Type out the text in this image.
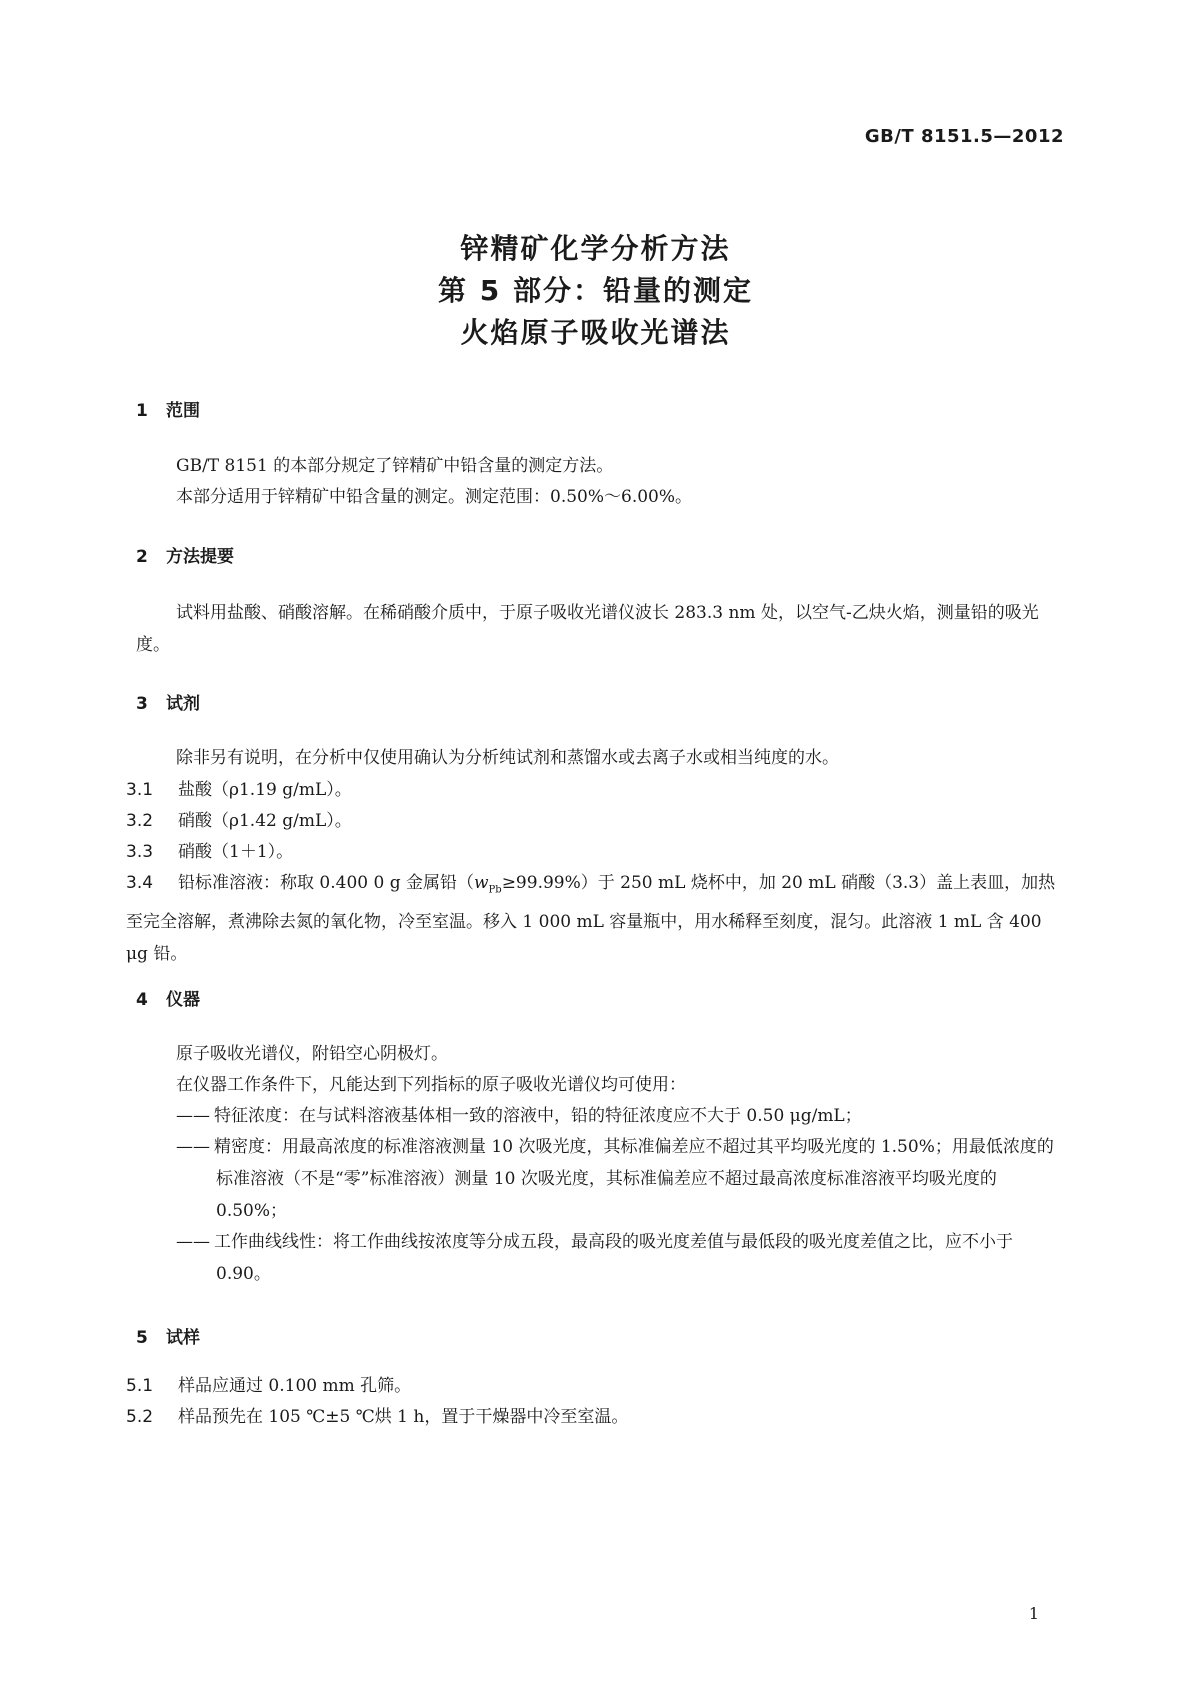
GB/T 8151.5—2012
锌精矿化学分析方法
第 5 部分：铅量的测定
火焰原子吸收光谱法
1 范围
GB/T 8151 的本部分规定了锌精矿中铅含量的测定方法。
本部分适用于锌精矿中铅含量的测定。测定范围：0.50%～6.00%。
2 方法提要
试料用盐酸、硝酸溶解。在稀硝酸介质中，于原子吸收光谱仪波长 283.3 nm 处，以空气-乙炔火焰，测量铅的吸光度。
3 试剂
除非另有说明，在分析中仅使用确认为分析纯试剂和蒸馏水或去离子水或相当纯度的水。
3.1 盐酸（ρ1.19 g/mL）。
3.2 硝酸（ρ1.42 g/mL）。
3.3 硝酸（1＋1）。
3.4 铅标准溶液：称取 0.400 0 g 金属铅$(w_{Pb}\ge 99.99\%)$于 250 mL 烧杯中，加 20 mL 硝酸（3.3）盖上表皿，加热至完全溶解，煮沸除去氮的氧化物，冷至室温。移入 1 000 mL 容量瓶中，用水稀释至刻度，混匀。此溶液 1 mL 含 400 μg 铅。
4 仪器
原子吸收光谱仪，附铅空心阴极灯。
在仪器工作条件下，凡能达到下列指标的原子吸收光谱仪均可使用：
—— 特征浓度：在与试料溶液基体相一致的溶液中，铅的特征浓度应不大于 0.50 μg/mL；
—— 精密度：用最高浓度的标准溶液测量 10 次吸光度，其标准偏差应不超过其平均吸光度的 1.50%；用最低浓度的标准溶液（不是“零”标准溶液）测量 10 次吸光度，其标准偏差应不超过最高浓度标准溶液平均吸光度的 0.50%；
—— 工作曲线线性：将工作曲线按浓度等分成五段，最高段的吸光度差值与最低段的吸光度差值之比，应不小于 0.90。
5 试样
5.1 样品应通过 0.100 mm 孔筛。
5.2 样品预先在 105 ℃±5 ℃烘 1 h，置于干燥器中冷至室温。
1
